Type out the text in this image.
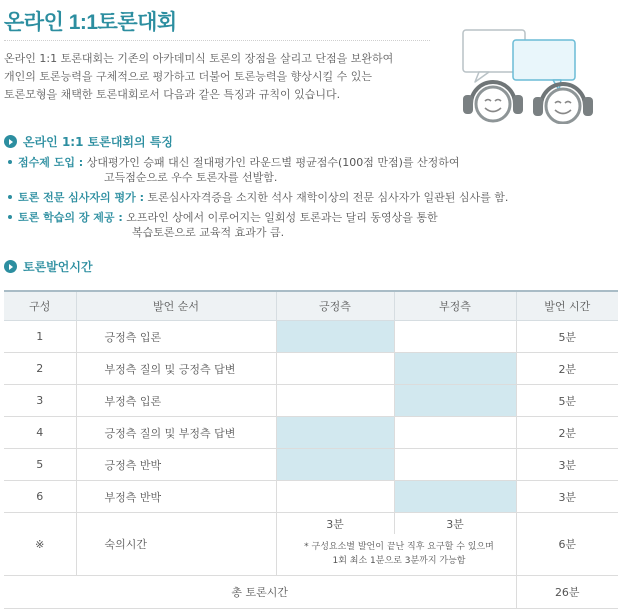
온라인 1:1토론대회
온라인 1:1 토론대회는 기존의 아카데미식 토론의 장점을 살리고 단점을 보완하여
개인의 토론능력을 구체적으로 평가하고 더불어 토론능력을 향상시킬 수 있는
토론모형을 채택한 토론대회로서 다음과 같은 특징과 규칙이 있습니다.
온라인 1:1 토론대회의 특징
점수제 도입 : 상대평가인 승패 대신 절대평가인 라운드별 평균점수(100점 만점)를 산정하여
고득점순으로 우수 토론자를 선발함.
토론 전문 심사자의 평가 : 토론심사자격증을 소지한 석사 재학이상의 전문 심사자가 일관된 심사를 함.
토론 학습의 장 제공 : 오프라인 상에서 이루어지는 일회성 토론과는 달리 동영상을 통한
복습토론으로 교육적 효과가 큼.
토론발언시간
구성	발언 순서	긍정측	부정측	발언 시간
1	긍정측 입론			5분
2	부정측 질의 및 긍정측 답변			2분
3	부정측 입론			5분
4	긍정측 질의 및 부정측 답변			2분
5	긍정측 반박			3분
6	부정측 반박			3분
※	숙의시간	3분	3분	6분

		* 구성요소별 발언이 끝난 직후 요구할 수 있으며
1회 최소 1분으로 3분까지 가능함		

총 토론시간				26분
